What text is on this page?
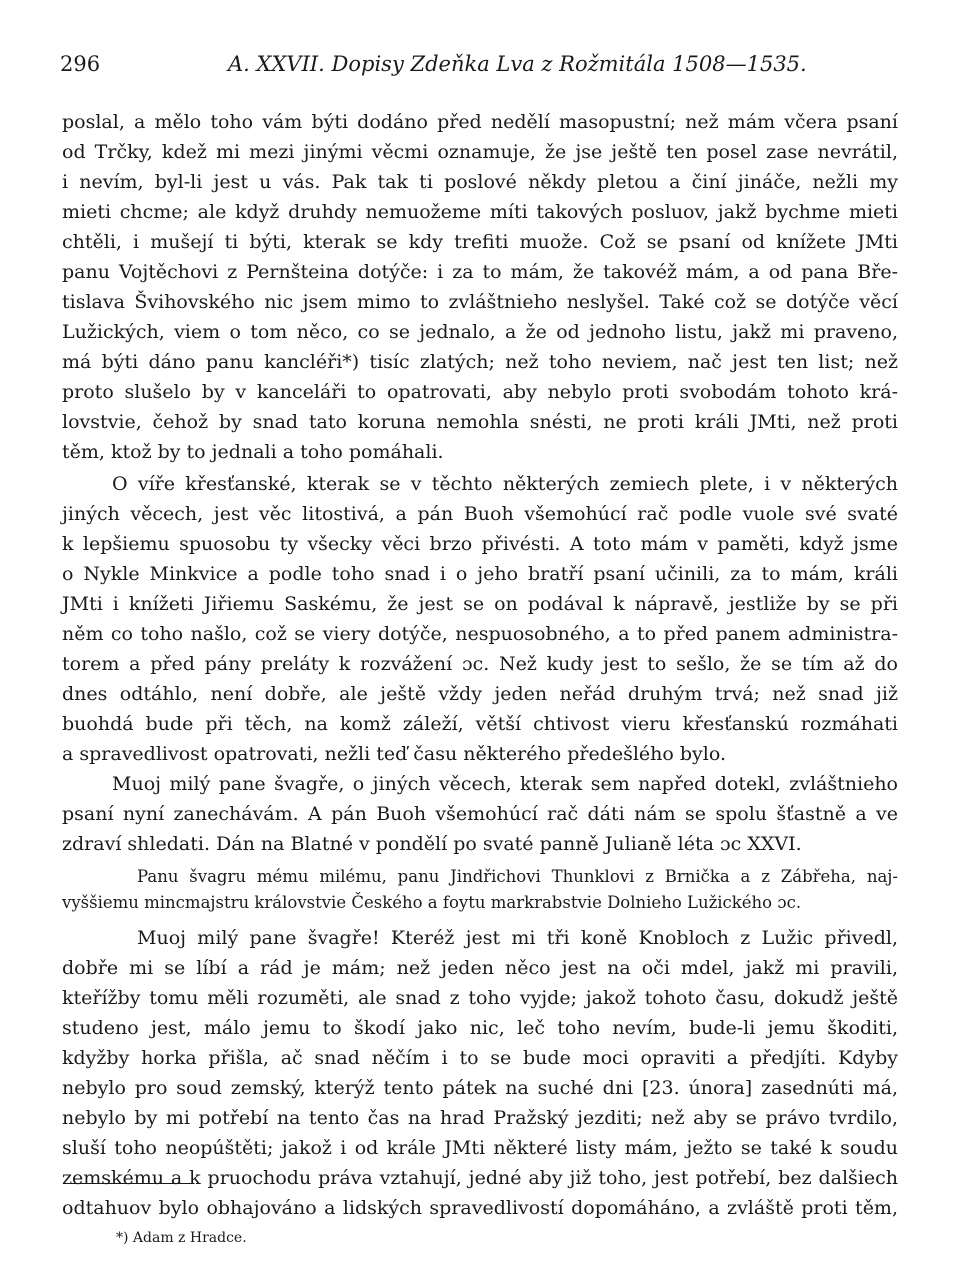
296	A. XXVII. Dopisy Zdeňka Lva z Rožmitála 1508—1535.
poslal, a mělo toho vám býti dodáno před nedělí masopustní; než mám včera psaní
od Trčky, kdež mi mezi jinými věcmi oznamuje, že jse ještě ten posel zase nevrátil,
i nevím, byl-li jest u vás. Pak tak ti poslové někdy pletou a činí jináče, nežli my
mieti chcme; ale když druhdy nemuožeme míti takových posluov, jakž bychme mieti
chtěli, i mušejí ti býti, kterak se kdy trefiti muože. Což se psaní od knížete JMti
panu Vojtěchovi z Pernšteina dotýče: i za to mám, že takovéž mám, a od pana Bře-
tislava Švihovského nic jsem mimo to zvláštnieho neslyšel. Také což se dotýče věcí
Lužických, viem o tom něco, co se jednalo, a že od jednoho listu, jakž mi praveno,
má býti dáno panu kancléři*) tisíc zlatých; než toho neviem, nač jest ten list; než
proto slušelo by v kanceláři to opatrovati, aby nebylo proti svobodám tohoto krá-
lovstvie, čehož by snad tato koruna nemohla snésti, ne proti králi JMti, než proti
těm, ktož by to jednali a toho pomáhali.
O víře křesťanské, kterak se v těchto některých zemiech plete, i v některých
jiných věcech, jest věc litostivá, a pán Buoh všemohúcí rač podle vuole své svaté
k lepšiemu spuosobu ty všecky věci brzo přivésti. A toto mám v paměti, když jsme
o Nykle Minkvice a podle toho snad i o jeho bratří psaní učinili, za to mám, králi
JMti i knížeti Jiřiemu Saskému, že jest se on podával k nápravě, jestliže by se při
něm co toho našlo, což se viery dotýče, nespuosobného, a to před panem administra-
torem a před pány preláty k rozvážení ɔc. Než kudy jest to sešlo, že se tím až do
dnes odtáhlo, není dobře, ale ještě vždy jeden neřád druhým trvá; než snad již
buohdá bude při těch, na komž záleží, větší chtivost vieru křesťanskú rozmáhati
a spravedlivost opatrovati, nežli teď času některého předešlého bylo.
Muoj milý pane švagře, o jiných věcech, kterak sem napřed dotekl, zvláštnieho
psaní nyní zanechávám. A pán Buoh všemohúcí rač dáti nám se spolu šťastně a ve
zdraví shledati. Dán na Blatné v pondělí po svaté panně Julianě léta ɔc XXVI.
Panu švagru mému milému, panu Jindřichovi Thunklovi z Brnička a z Zábřeha, naj-
vyššiemu mincmajstru královstvie Českého a foytu markrabstvie Dolnieho Lužického ɔc.
Muoj milý pane švagře! Kteréž jest mi tři koně Knobloch z Lužic přivedl,
dobře mi se líbí a rád je mám; než jeden něco jest na oči mdel, jakž mi pravili,
kteřížby tomu měli rozuměti, ale snad z toho vyjde; jakož tohoto času, dokudž ještě
studeno jest, málo jemu to škodí jako nic, leč toho nevím, bude-li jemu škoditi,
kdyžby horka přišla, ač snad něčím i to se bude moci opraviti a předjíti. Kdyby
nebylo pro soud zemský, kterýž tento pátek na suché dni [23. února] zasednúti má,
nebylo by mi potřebí na tento čas na hrad Pražský jezditi; než aby se právo tvrdilo,
sluší toho neopúštěti; jakož i od krále JMti některé listy mám, ježto se také k soudu
zemskému a k pruochodu práva vztahují, jedné aby již toho, jest potřebí, bez dalšiech
odtahuov bylo obhajováno a lidských spravedlivostí dopomáháno, a zvláště proti těm,
*) Adam z Hradce.
